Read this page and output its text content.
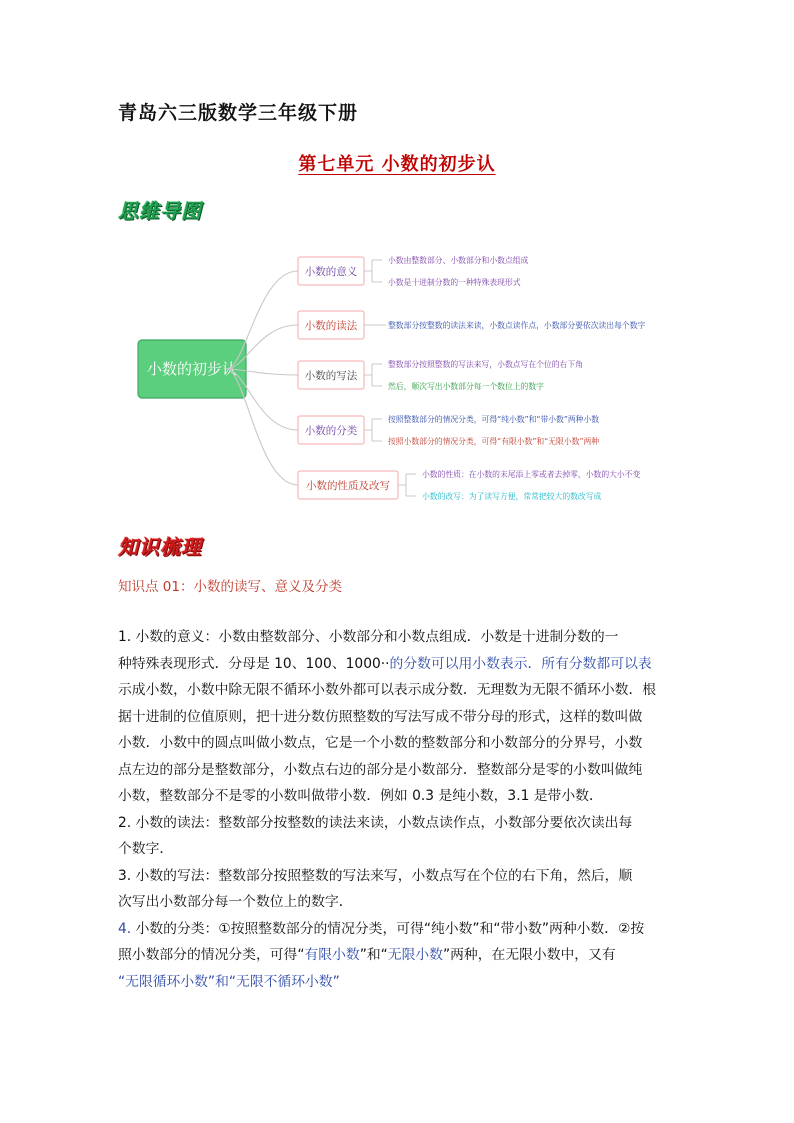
青岛六三版数学三年级下册
第七单元 小数的初步认
思维导图
小数的初步认
小数的意义
小数由整数部分、小数部分和小数点组成
小数是十进制分数的一种特殊表现形式
小数的读法	整数部分按整数的读法来读，小数点读作点，小数部分要依次读出每个数字
小数的写法
整数部分按照整数的写法来写，小数点写在个位的右下角
然后，顺次写出小数部分每一个数位上的数字
小数的分类
按照整数部分的情况分类，可得“纯小数”和“带小数”两种小数
按照小数部分的情况分类，可得“有限小数”和“无限小数”两种
小数的性质及改写
小数的性质：在小数的末尾添上零或者去掉零，小数的大小不变
小数的改写：为了读写方便，常常把较大的数改写成
知识梳理
知识点 01：小数的读写、意义及分类

1. 小数的意义：小数由整数部分、小数部分和小数点组成．小数是十进制分数的一

种特殊表现形式．分母是 10、100、1000··的分数可以用小数表示．所有分数都可以表

示成小数，小数中除无限不循环小数外都可以表示成分数．无理数为无限不循环小数．根

据十进制的位值原则，把十进分数仿照整数的写法写成不带分母的形式，这样的数叫做

小数．小数中的圆点叫做小数点，它是一个小数的整数部分和小数部分的分界号，小数

点左边的部分是整数部分，小数点右边的部分是小数部分．整数部分是零的小数叫做纯

小数，整数部分不是零的小数叫做带小数．例如 0.3 是纯小数，3.1 是带小数．

2. 小数的读法：整数部分按整数的读法来读，小数点读作点，小数部分要依次读出每

个数字．

3. 小数的写法：整数部分按照整数的写法来写，小数点写在个位的右下角，然后，顺

次写出小数部分每一个数位上的数字．

4. 小数的分类：①按照整数部分的情况分类，可得“纯小数”和“带小数”两种小数．②按

照小数部分的情况分类，可得“有限小数”和“无限小数”两种，在无限小数中，又有

“无限循环小数”和“无限不循环小数”
